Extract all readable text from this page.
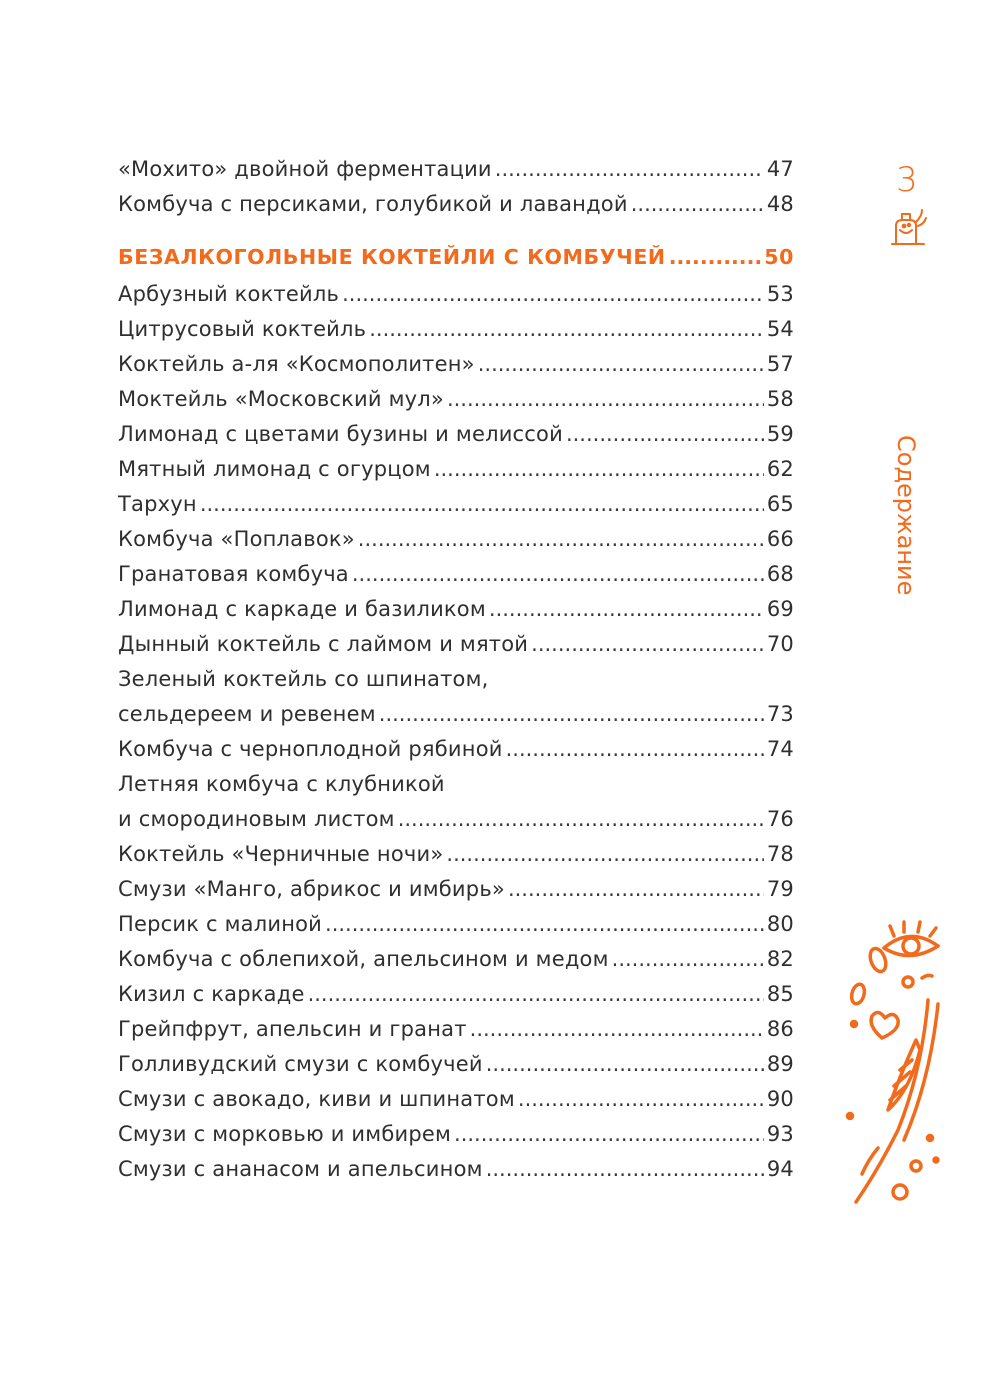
«Мохито» двойной ферментации .....	47
Комбуча с персиками, голубикой и лавандой .....	48
БЕЗАЛКОГОЛЬНЫЕ КОКТЕЙЛИ С КОМБУЧЕЙ .....	50
Арбузный коктейль .....	53
Цитрусовый коктейль .....	54
Коктейль а-ля «Космополитен» .....	57
Моктейль «Московский мул» .....	58
Лимонад с цветами бузины и мелиссой .....	59
Мятный лимонад с огурцом .....	62
Тархун .....	65
Комбуча «Поплавок» .....	66
Гранатовая комбуча .....	68
Лимонад с каркаде и базиликом .....	69
Дынный коктейль с лаймом и мятой .....	70
Зеленый коктейль со шпинатом,
сельдереем и ревенем .....	73
Комбуча с черноплодной рябиной .....	74
Летняя комбуча с клубникой
и смородиновым листом .....	76
Коктейль «Черничные ночи» .....	78
Смузи «Манго, абрикос и имбирь» .....	79
Персик с малиной .....	80
Комбуча с облепихой, апельсином и медом .....	82
Кизил с каркаде .....	85
Грейпфрут, апельсин и гранат .....	86
Голливудский смузи с комбучей .....	89
Смузи с авокадо, киви и шпинатом .....	90
Смузи с морковью и имбирем .....	93
Смузи с ананасом и апельсином .....	94
3
Содержание
